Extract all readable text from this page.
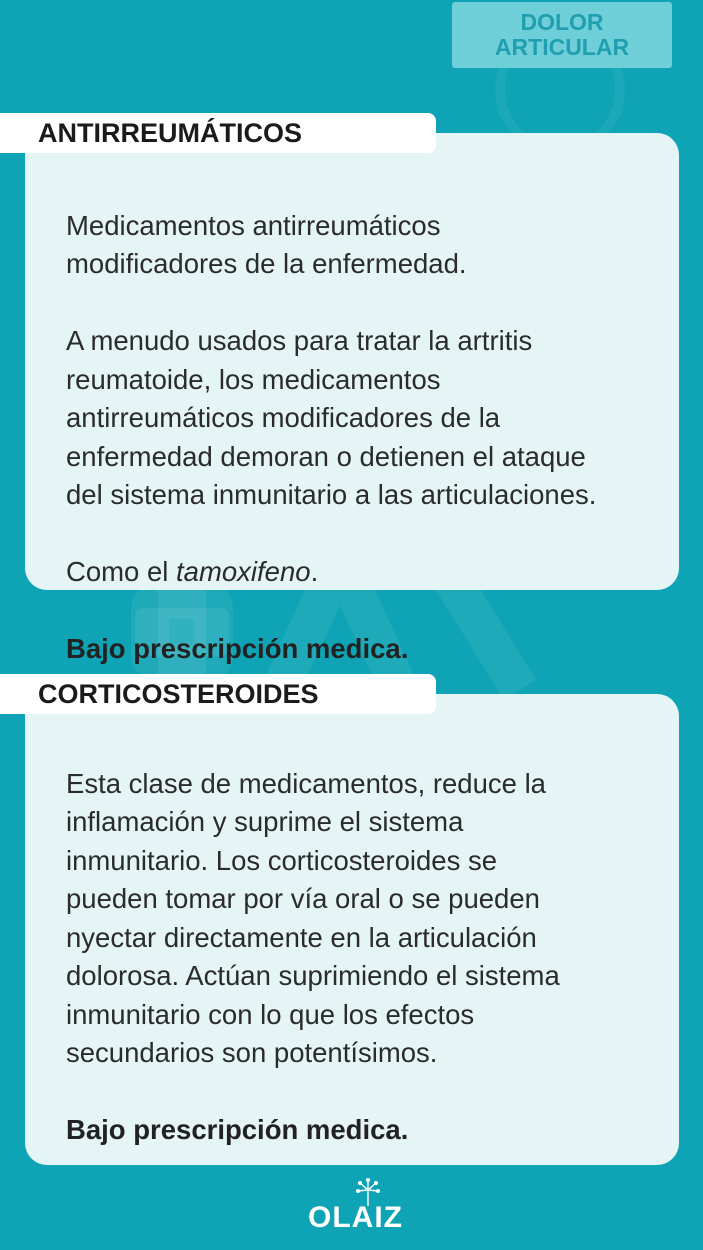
DOLOR
ARTICULAR
ANTIRREUMÁTICOS

Medicamentos antirreumáticos
modificadores de la enfermedad.

A menudo usados para tratar la artritis
reumatoide, los medicamentos
antirreumáticos modificadores de la
enfermedad demoran o detienen el ataque
del sistema inmunitario a las articulaciones.

Como el tamoxifeno.

Bajo prescripción medica.

CORTICOSTEROIDES

Esta clase de medicamentos, reduce la
inflamación y suprime el sistema
inmunitario. Los corticosteroides se
pueden tomar por vía oral o se pueden
nyectar directamente en la articulación
dolorosa. Actúan suprimiendo el sistema
inmunitario con lo que los efectos
secundarios son potentísimos.

Bajo prescripción medica.

OLAIZ
